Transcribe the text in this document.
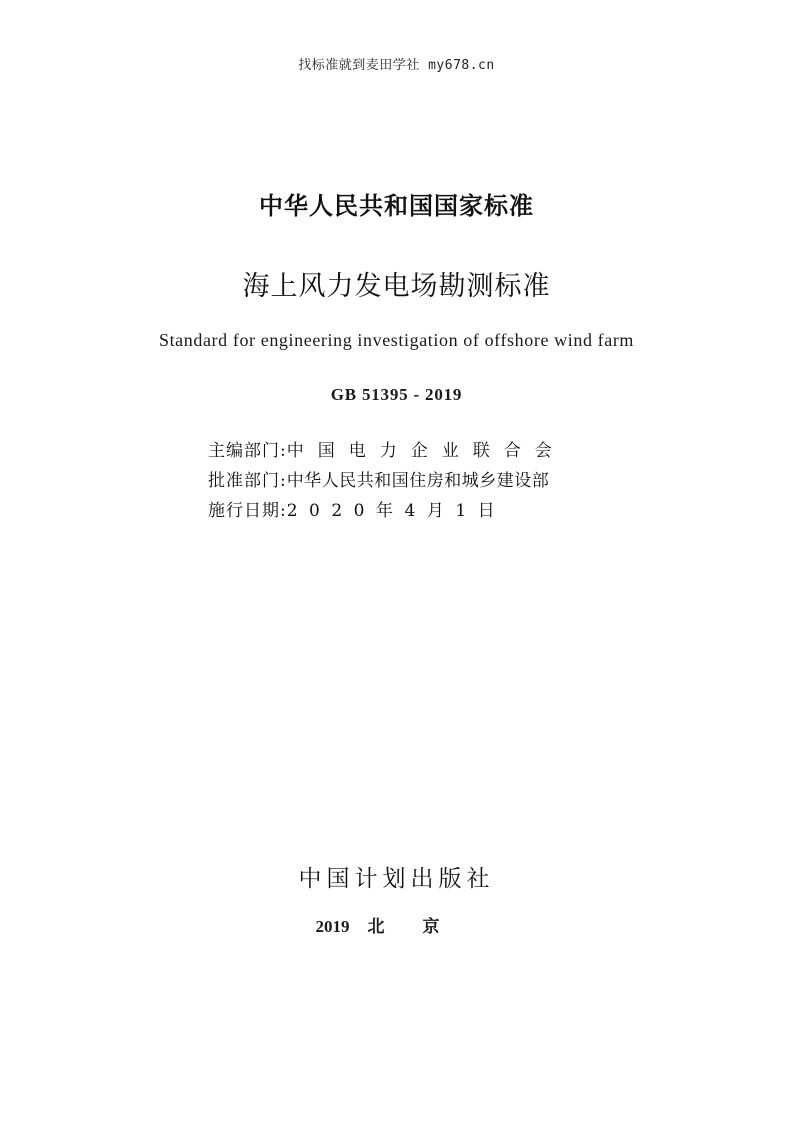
找标准就到麦田学社 my678.cn
中华人民共和国国家标准
海上风力发电场勘测标准
Standard for engineering investigation of offshore wind farm
GB 51395 - 2019
主编部门:中国电力企业联合会
批准部门:中华人民共和国住房和城乡建设部
施行日期:2020年4月1日
中国计划出版社
2019 北京
